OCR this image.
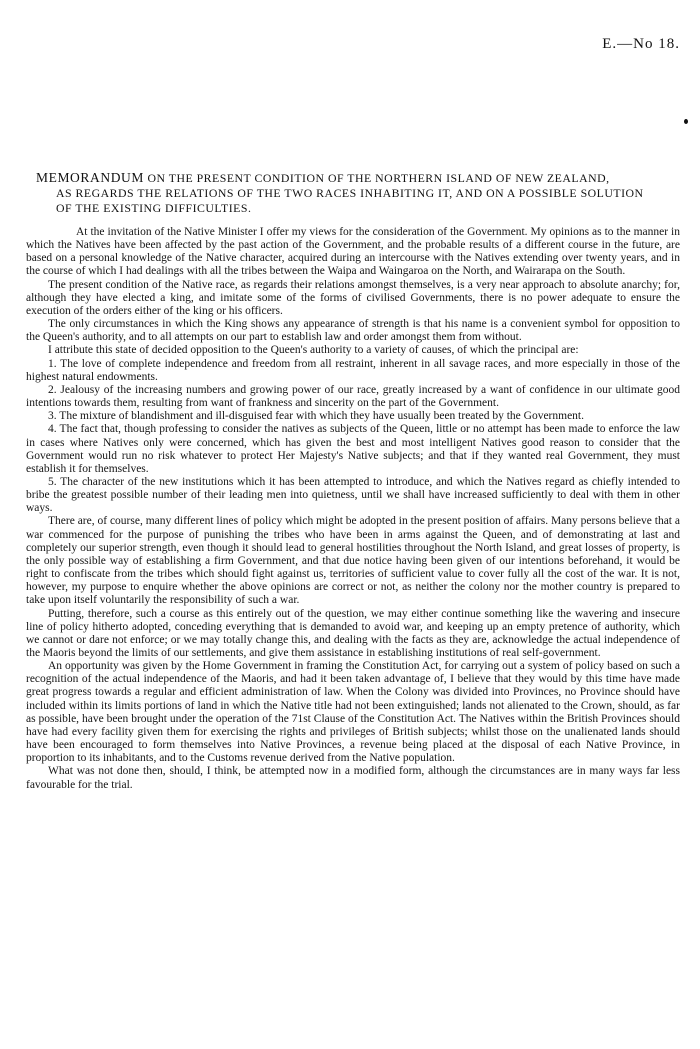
E.—No 18.
MEMORANDUM ON THE PRESENT CONDITION OF THE NORTHERN ISLAND OF NEW ZEALAND,
AS REGARDS THE RELATIONS OF THE TWO RACES INHABITING IT, AND ON A POSSIBLE SOLUTION
OF THE EXISTING DIFFICULTIES.

At the invitation of the Native Minister I offer my views for the consideration of the Government. My opinions as to the manner in which the Natives have been affected by the past action of the Government, and the probable results of a different course in the future, are based on a personal knowledge of the Native character, acquired during an intercourse with the Natives extending over twenty years, and in the course of which I had dealings with all the tribes between the Waipa and Waingaroa on the North, and Wairarapa on the South.

The present condition of the Native race, as regards their relations amongst themselves, is a very near approach to absolute anarchy; for, although they have elected a king, and imitate some of the forms of civilised Governments, there is no power adequate to ensure the execution of the orders either of the king or his officers.

The only circumstances in which the King shows any appearance of strength is that his name is a convenient symbol for opposition to the Queen's authority, and to all attempts on our part to establish law and order amongst them from without.

I attribute this state of decided opposition to the Queen's authority to a variety of causes, of which the principal are:

1. The love of complete independence and freedom from all restraint, inherent in all savage races, and more especially in those of the highest natural endowments.

2. Jealousy of the increasing numbers and growing power of our race, greatly increased by a want of confidence in our ultimate good intentions towards them, resulting from want of frankness and sincerity on the part of the Government.

3. The mixture of blandishment and ill-disguised fear with which they have usually been treated by the Government.

4. The fact that, though professing to consider the natives as subjects of the Queen, little or no attempt has been made to enforce the law in cases where Natives only were concerned, which has given the best and most intelligent Natives good reason to consider that the Government would run no risk whatever to protect Her Majesty's Native subjects; and that if they wanted real Government, they must establish it for themselves.

5. The character of the new institutions which it has been attempted to introduce, and which the Natives regard as chiefly intended to bribe the greatest possible number of their leading men into quietness, until we shall have increased sufficiently to deal with them in other ways.

There are, of course, many different lines of policy which might be adopted in the present position of affairs. Many persons believe that a war commenced for the purpose of punishing the tribes who have been in arms against the Queen, and of demonstrating at last and completely our superior strength, even though it should lead to general hostilities throughout the North Island, and great losses of property, is the only possible way of establishing a firm Government, and that due notice having been given of our intentions beforehand, it would be right to confiscate from the tribes which should fight against us, territories of sufficient value to cover fully all the cost of the war. It is not, however, my purpose to enquire whether the above opinions are correct or not, as neither the colony nor the mother country is prepared to take upon itself voluntarily the responsibility of such a war.

Putting, therefore, such a course as this entirely out of the question, we may either continue something like the wavering and insecure line of policy hitherto adopted, conceding everything that is demanded to avoid war, and keeping up an empty pretence of authority, which we cannot or dare not enforce; or we may totally change this, and dealing with the facts as they are, acknowledge the actual independence of the Maoris beyond the limits of our settlements, and give them assistance in establishing institutions of real self-government.

An opportunity was given by the Home Government in framing the Constitution Act, for carrying out a system of policy based on such a recognition of the actual independence of the Maoris, and had it been taken advantage of, I believe that they would by this time have made great progress towards a regular and efficient administration of law. When the Colony was divided into Provinces, no Province should have included within its limits portions of land in which the Native title had not been extinguished; lands not alienated to the Crown, should, as far as possible, have been brought under the operation of the 71st Clause of the Constitution Act. The Natives within the British Provinces should have had every facility given them for exercising the rights and privileges of British subjects; whilst those on the unalienated lands should have been encouraged to form themselves into Native Provinces, a revenue being placed at the disposal of each Native Province, in proportion to its inhabitants, and to the Customs revenue derived from the Native population.

What was not done then, should, I think, be attempted now in a modified form, although the circumstances are in many ways far less favourable for the trial.
